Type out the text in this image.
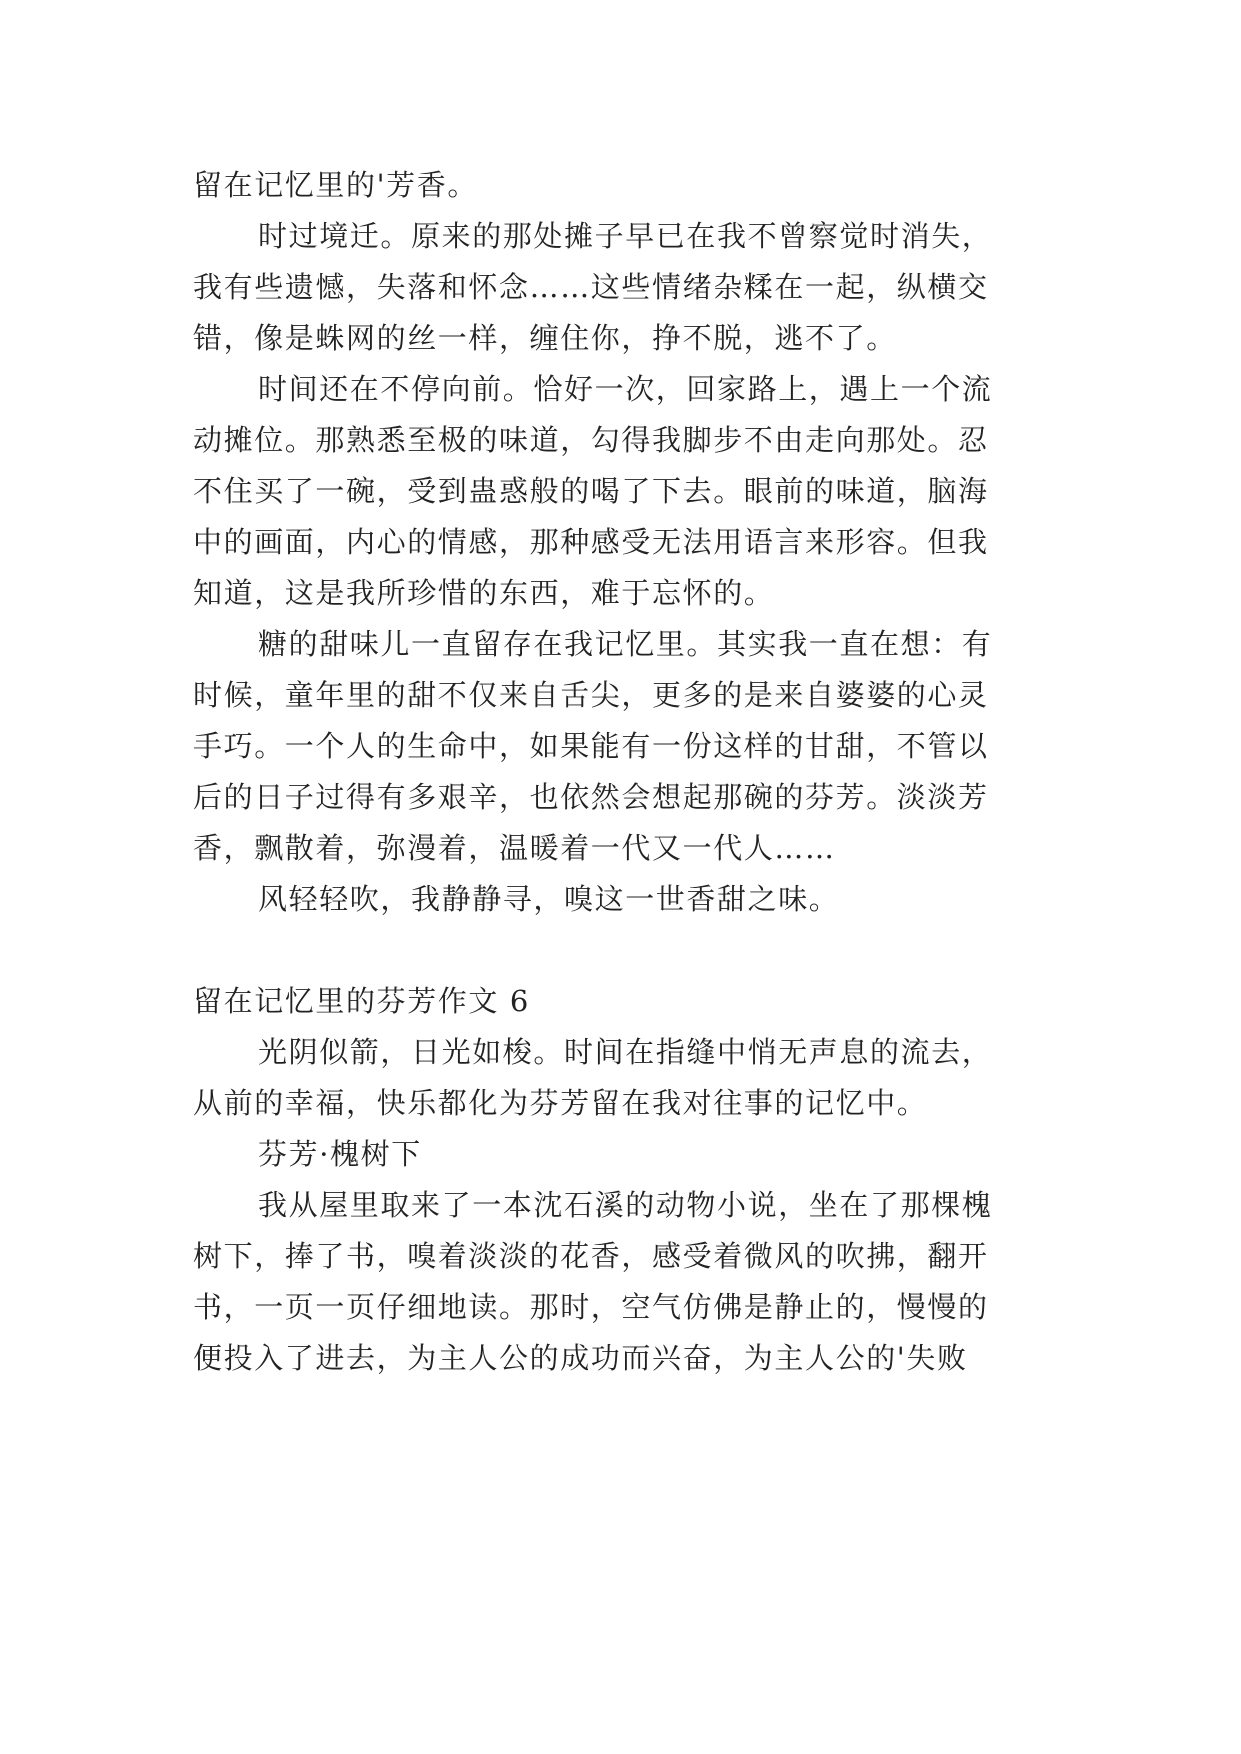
留在记忆里的'芳香。
时过境迁。原来的那处摊子早已在我不曾察觉时消失，
我有些遗憾，失落和怀念……这些情绪杂糅在一起，纵横交
错，像是蛛网的丝一样，缠住你，挣不脱，逃不了。
时间还在不停向前。恰好一次，回家路上，遇上一个流
动摊位。那熟悉至极的味道，勾得我脚步不由走向那处。忍
不住买了一碗，受到蛊惑般的喝了下去。眼前的味道，脑海
中的画面，内心的情感，那种感受无法用语言来形容。但我
知道，这是我所珍惜的东西，难于忘怀的。
糖的甜味儿一直留存在我记忆里。其实我一直在想：有
时候，童年里的甜不仅来自舌尖，更多的是来自婆婆的心灵
手巧。一个人的生命中，如果能有一份这样的甘甜，不管以
后的日子过得有多艰辛，也依然会想起那碗的芬芳。淡淡芳
香，飘散着，弥漫着，温暖着一代又一代人……
风轻轻吹，我静静寻，嗅这一世香甜之味。
留在记忆里的芬芳作文 6
光阴似箭，日光如梭。时间在指缝中悄无声息的流去，
从前的幸福，快乐都化为芬芳留在我对往事的记忆中。
芬芳·槐树下
我从屋里取来了一本沈石溪的动物小说，坐在了那棵槐
树下，捧了书，嗅着淡淡的花香，感受着微风的吹拂，翻开
书，一页一页仔细地读。那时，空气仿佛是静止的，慢慢的
便投入了进去，为主人公的成功而兴奋，为主人公的'失败
